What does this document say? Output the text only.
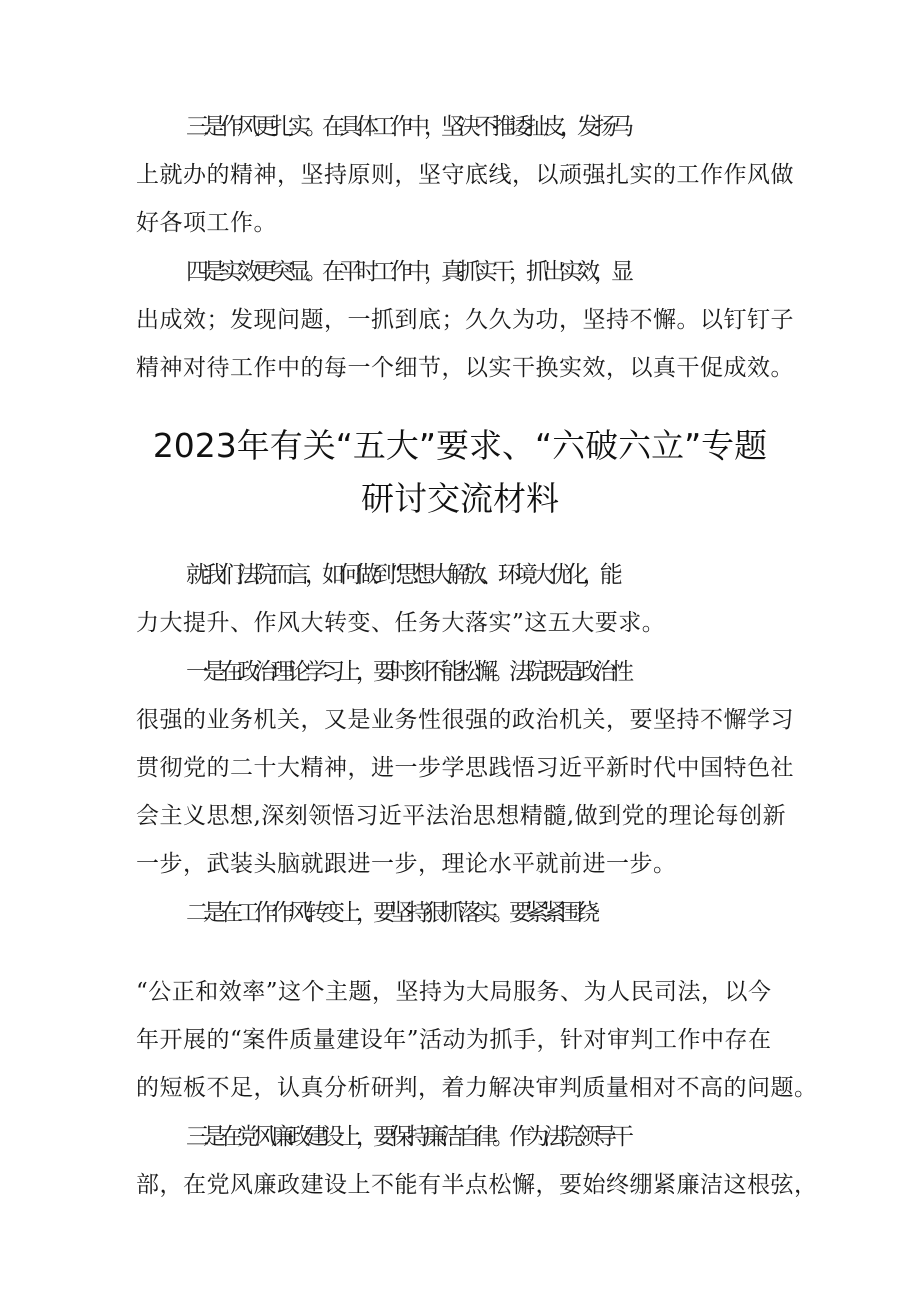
三是作风更扎实。在具体工作中，坚决不推诿扯皮，发扬马
上就办的精神，坚持原则，坚守底线，以顽强扎实的工作作风做
好各项工作。
四是实效更突显。在平时工作中，真抓实干，抓出实效，显
出成效；发现问题，一抓到底；久久为功，坚持不懈。以钉钉子
精神对待工作中的每一个细节，以实干换实效，以真干促成效。
2023年有关“五大”要求、“六破六立”专题
研讨交流材料
就我们法院而言，如何做到“思想大解放、环境大优化，能
力大提升、作风大转变、任务大落实”这五大要求。
一是在政治理论学习上，要时刻不能松懈。法院既是政治性
很强的业务机关，又是业务性很强的政治机关，要坚持不懈学习
贯彻党的二十大精神，进一步学思践悟习近平新时代中国特色社
会主义思想,深刻领悟习近平法治思想精髓,做到党的理论每创新
一步，武装头脑就跟进一步，理论水平就前进一步。
二是在工作作风转变上，要坚持狠抓落实。要紧紧围绕
“公正和效率”这个主题，坚持为大局服务、为人民司法，以今
年开展的“案件质量建设年”活动为抓手，针对审判工作中存在
的短板不足，认真分析研判，着力解决审判质量相对不高的问题。
三是在党风廉政建设上，要保持廉洁自律。作为法院领导干
部，在党风廉政建设上不能有半点松懈，要始终绷紧廉洁这根弦，
